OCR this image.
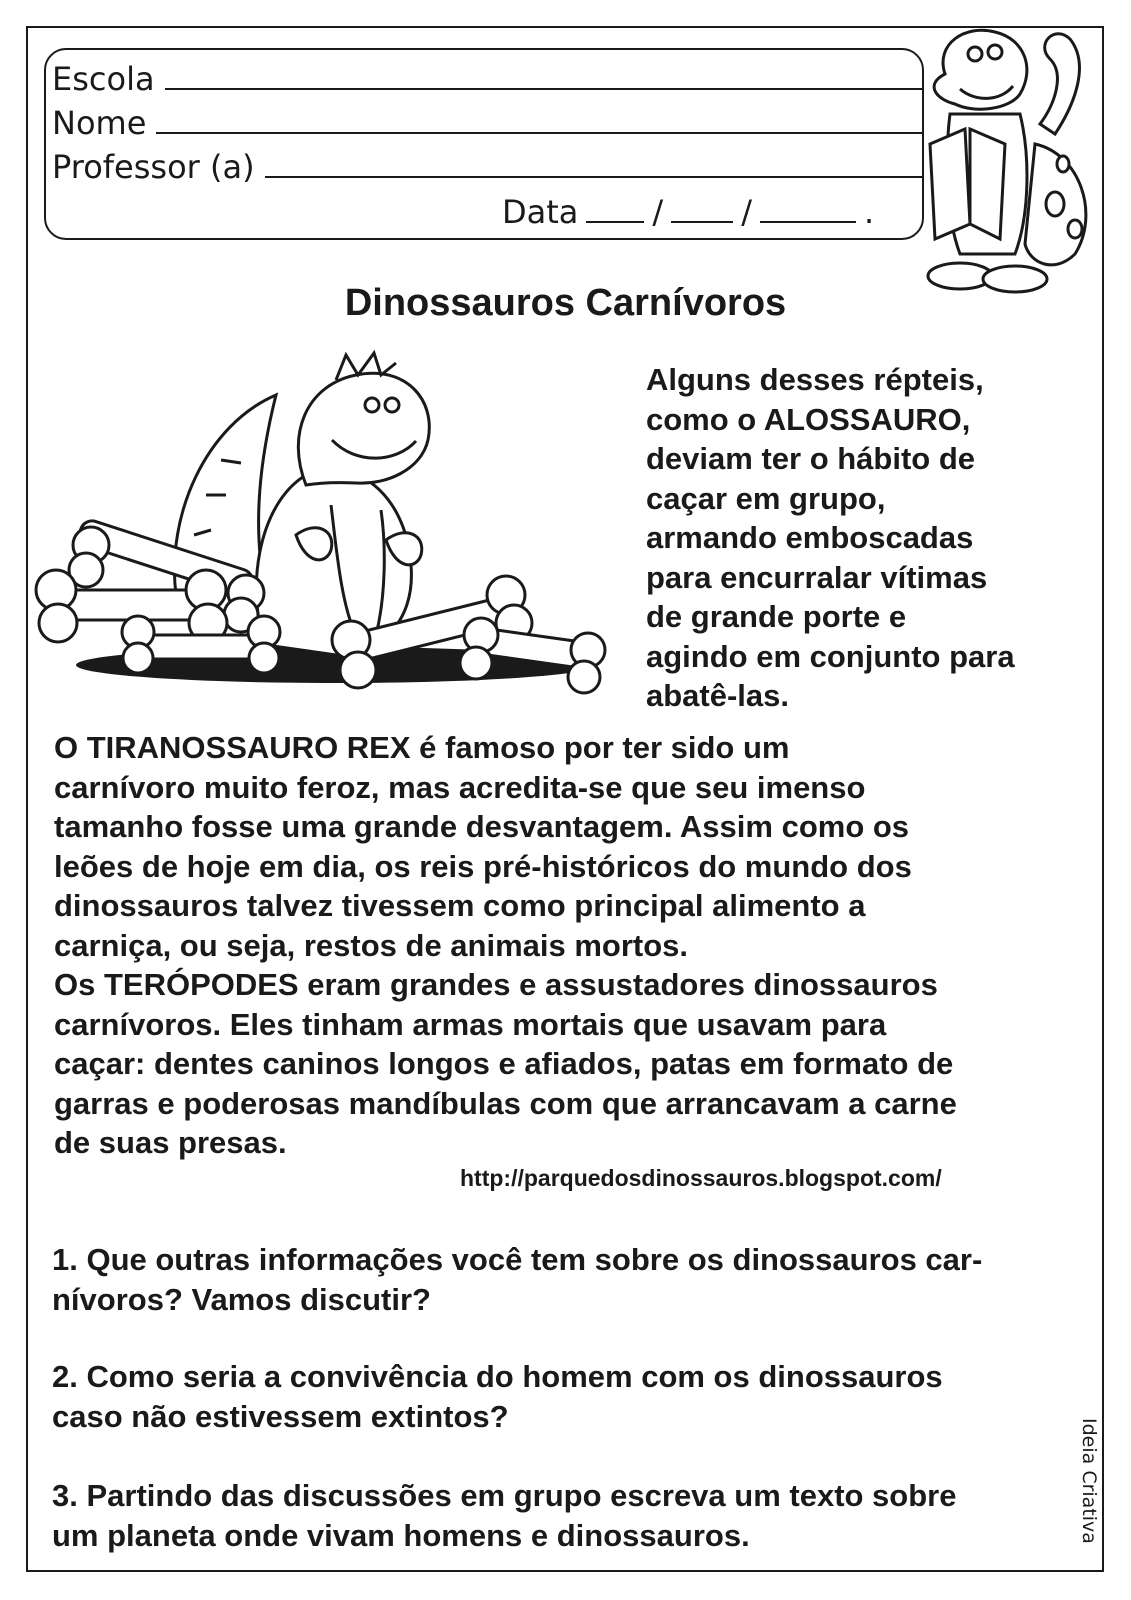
Escola
Nome
Professor (a)
Data / /	.
Dinossauros Carnívoros
Alguns desses répteis,
como o ALOSSAURO,
deviam ter o hábito de
caçar em grupo,
armando emboscadas
para encurralar vítimas
de grande porte e
agindo em conjunto para
abatê-las.
O TIRANOSSAURO REX é famoso por ter sido um
carnívoro muito feroz, mas acredita-se que seu imenso
tamanho fosse uma grande desvantagem. Assim como os
leões de hoje em dia, os reis pré-históricos do mundo dos
dinossauros talvez tivessem como principal alimento a
carniça, ou seja, restos de animais mortos.
Os TERÓPODES eram grandes e assustadores dinossauros
carnívoros. Eles tinham armas mortais que usavam para
caçar: dentes caninos longos e afiados, patas em formato de
garras e poderosas mandíbulas com que arrancavam a carne
de suas presas.
http://parquedosdinossauros.blogspot.com/
1. Que outras informações você tem sobre os dinossauros car-
nívoros? Vamos discutir?
2. Como seria a convivência do homem com os dinossauros
caso não estivessem extintos?
3. Partindo das discussões em grupo escreva um texto sobre
um planeta onde vivam homens e dinossauros.	Ideia Criativa
